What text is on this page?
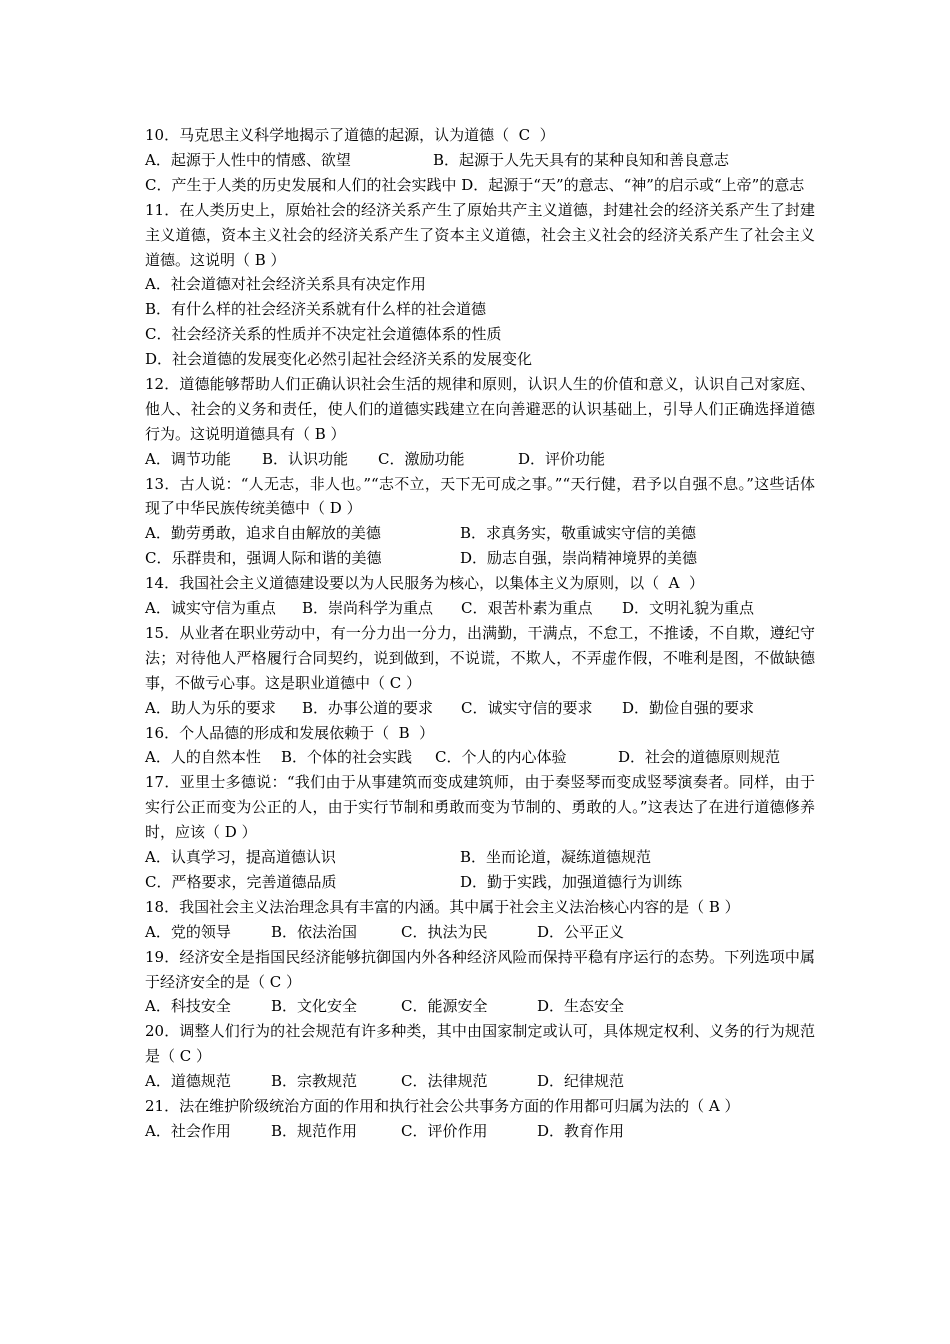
10．马克思主义科学地揭示了道德的起源，认为道德（  C  ）
A．起源于人性中的情感、欲望	B．起源于人先天具有的某种良知和善良意志
C．产生于人类的历史发展和人们的社会实践中 D．起源于“天”的意志、“神”的启示或“上帝”的意志
11．在人类历史上，原始社会的经济关系产生了原始共产主义道德，封建社会的经济关系产生了封建主义道德，资本主义社会的经济关系产生了资本主义道德，社会主义社会的经济关系产生了社会主义道德。这说明（ B ）
A．社会道德对社会经济关系具有决定作用
B．有什么样的社会经济关系就有什么样的社会道德
C．社会经济关系的性质并不决定社会道德体系的性质
D．社会道德的发展变化必然引起社会经济关系的发展变化
12．道德能够帮助人们正确认识社会生活的规律和原则，认识人生的价值和意义，认识自己对家庭、他人、社会的义务和责任，使人们的道德实践建立在向善避恶的认识基础上，引导人们正确选择道德行为。这说明道德具有（ B ）
A．调节功能	B．认识功能	C．激励功能	D．评价功能
13．古人说：“人无志，非人也。”“志不立，天下无可成之事。”“天行健，君予以自强不息。”这些话体现了中华民族传统美德中（ D ）
A．勤劳勇敢，追求自由解放的美德	B．求真务实，敬重诚实守信的美德
C．乐群贵和，强调人际和谐的美德	D．励志自强，崇尚精神境界的美德
14．我国社会主义道德建设要以为人民服务为核心，以集体主义为原则，以（  A  ）
A．诚实守信为重点	B．崇尚科学为重点	C．艰苦朴素为重点	D．文明礼貌为重点
15．从业者在职业劳动中，有一分力出一分力，出满勤，干满点，不怠工，不推诿，不自欺，遵纪守法；对待他人严格履行合同契约，说到做到，不说谎，不欺人，不弄虚作假，不唯利是图，不做缺德事，不做亏心事。这是职业道德中（ C ）
A．助人为乐的要求	B．办事公道的要求	C．诚实守信的要求	D．勤俭自强的要求
16．个人品德的形成和发展依赖于（  B  ）
A．人的自然本性	B．个体的社会实践	C．个人的内心体验	D．社会的道德原则规范
17．亚里士多德说：“我们由于从事建筑而变成建筑师，由于奏竖琴而变成竖琴演奏者。同样，由于实行公正而变为公正的人，由于实行节制和勇敢而变为节制的、勇敢的人。”这表达了在进行道德修养时，应该（ D ）
A．认真学习，提高道德认识	B．坐而论道，凝练道德规范
C．严格要求，完善道德品质	D．勤于实践，加强道德行为训练
18．我国社会主义法治理念具有丰富的内涵。其中属于社会主义法治核心内容的是（ B ）
A．党的领导	B．依法治国	C．执法为民	D．公平正义
19．经济安全是指国民经济能够抗御国内外各种经济风险而保持平稳有序运行的态势。下列选项中属于经济安全的是（ C ）
A．科技安全	B．文化安全	C．能源安全	D．生态安全
20．调整人们行为的社会规范有许多种类，其中由国家制定或认可，具体规定权利、义务的行为规范是（ C ）
A．道德规范	B．宗教规范	C．法律规范	D．纪律规范
21．法在维护阶级统治方面的作用和执行社会公共事务方面的作用都可归属为法的（ A ）
A．社会作用	B．规范作用	C．评价作用	D．教育作用
